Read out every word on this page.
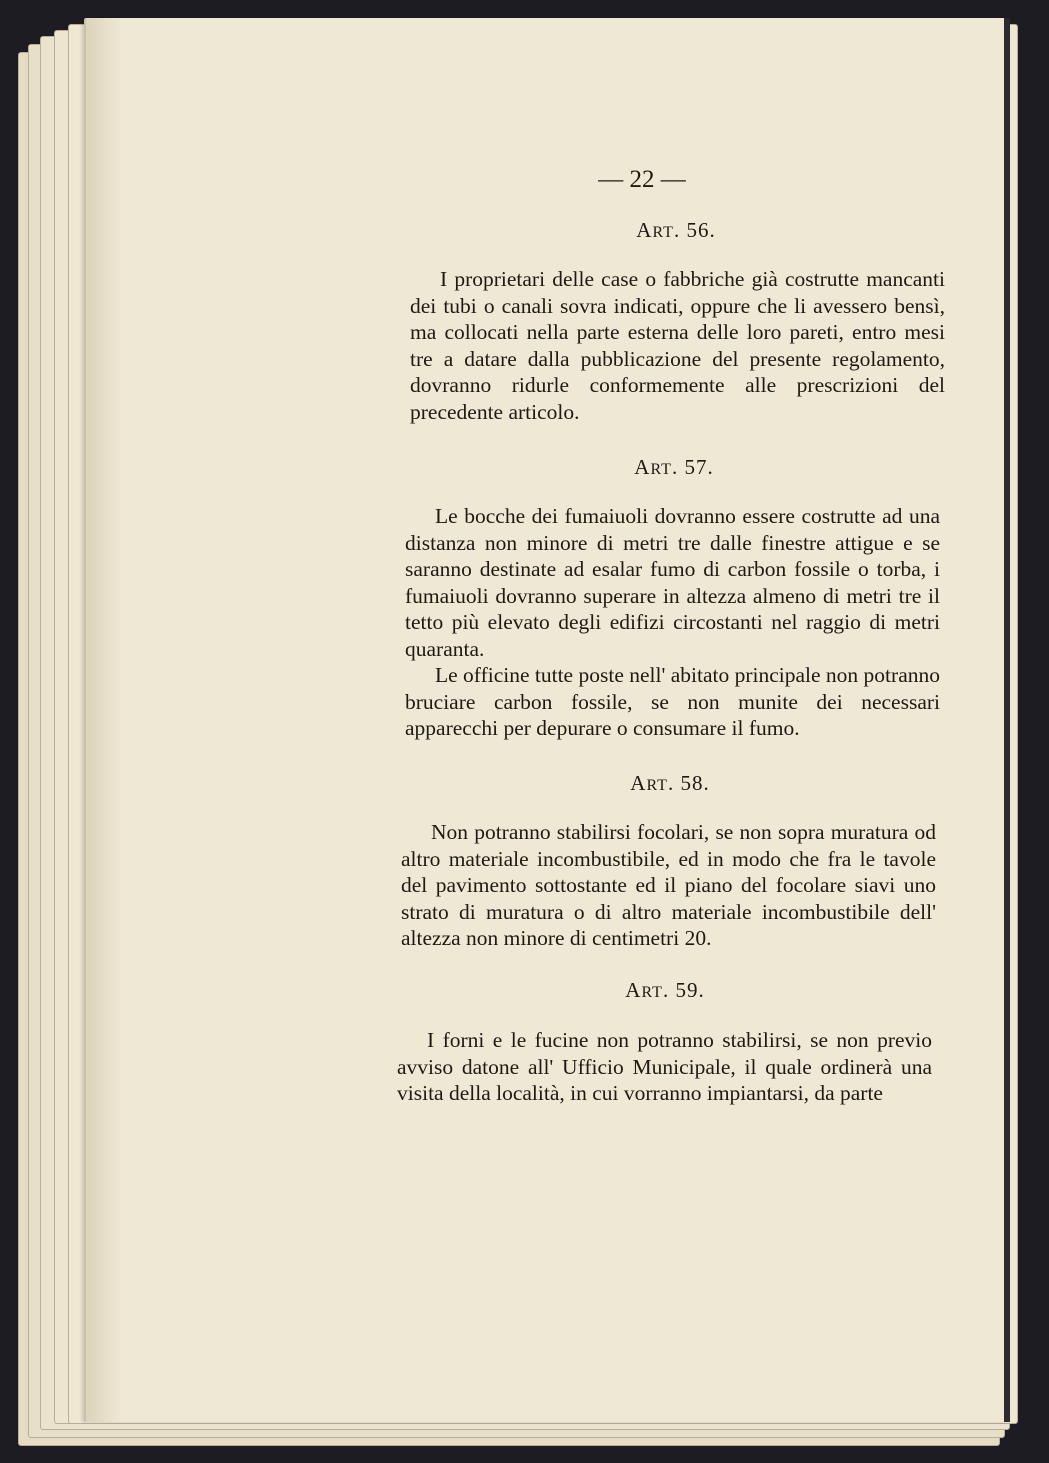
— 22 —
ART. 56.

I proprietari delle case o fabbriche già costrutte mancanti dei tubi o canali sovra indicati, oppure che li avessero bensì, ma collocati nella parte esterna delle loro pareti, entro mesi tre a datare dalla pubblicazione del presente regolamento, dovranno ridurle conformemente alle prescrizioni del precedente articolo.

ART. 57.

Le bocche dei fumaiuoli dovranno essere costrutte ad una distanza non minore di metri tre dalle finestre attigue e se saranno destinate ad esalar fumo di carbon fossile o torba, i fumaiuoli dovranno superare in altezza almeno di metri tre il tetto più elevato degli edifizi circostanti nel raggio di metri quaranta.

Le officine tutte poste nell' abitato principale non potranno bruciare carbon fossile, se non munite dei necessari apparecchi per depurare o consumare il fumo.

ART. 58.

Non potranno stabilirsi focolari, se non sopra muratura od altro materiale incombustibile, ed in modo che fra le tavole del pavimento sottostante ed il piano del focolare siavi uno strato di muratura o di altro materiale incombustibile dell' altezza non minore di centimetri 20.

ART. 59.

I forni e le fucine non potranno stabilirsi, se non previo avviso datone all' Ufficio Municipale, il quale ordinerà una visita della località, in cui vorranno impiantarsi, da parte
